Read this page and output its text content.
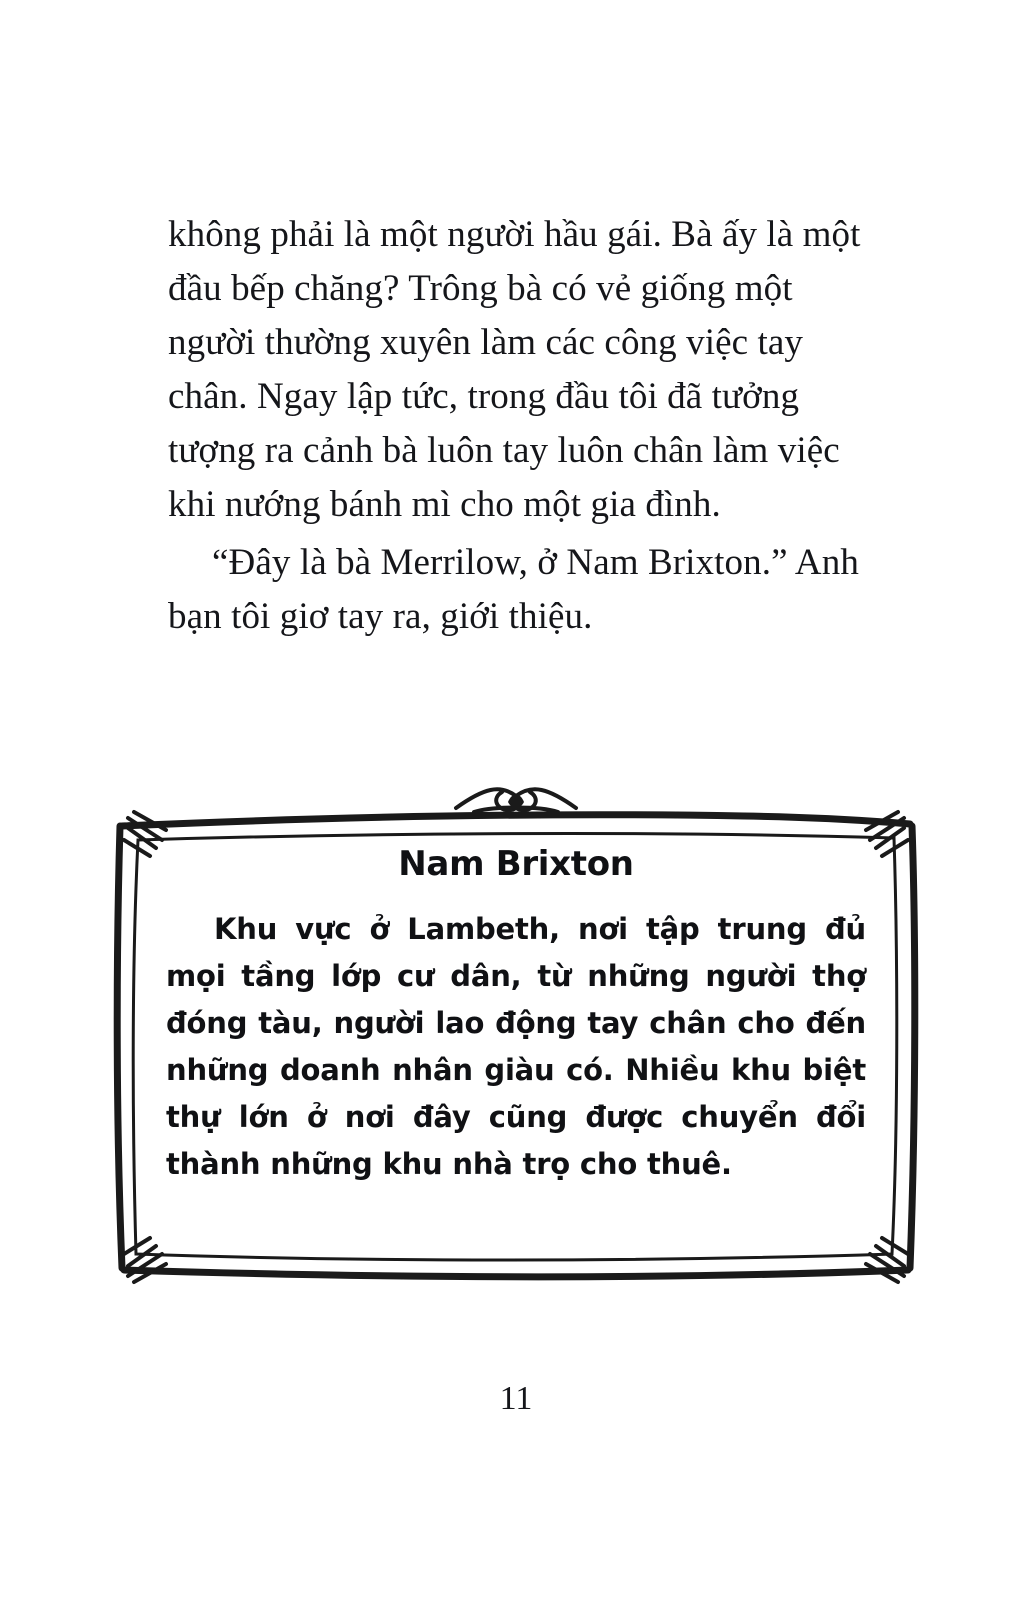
không phải là một người hầu gái. Bà ấy là một đầu bếp chăng? Trông bà có vẻ giống một người thường xuyên làm các công việc tay chân. Ngay lập tức, trong đầu tôi đã tưởng tượng ra cảnh bà luôn tay luôn chân làm việc khi nướng bánh mì cho một gia đình.

“Đây là bà Merrilow, ở Nam Brixton.” Anh bạn tôi giơ tay ra, giới thiệu.

Nam Brixton

Khu vực ở Lambeth, nơi tập trung đủ mọi tầng lớp cư dân, từ những người thợ đóng tàu, người lao động tay chân cho đến những doanh nhân giàu có. Nhiều khu biệt thự lớn ở nơi đây cũng được chuyển đổi thành những khu nhà trọ cho thuê.

11
